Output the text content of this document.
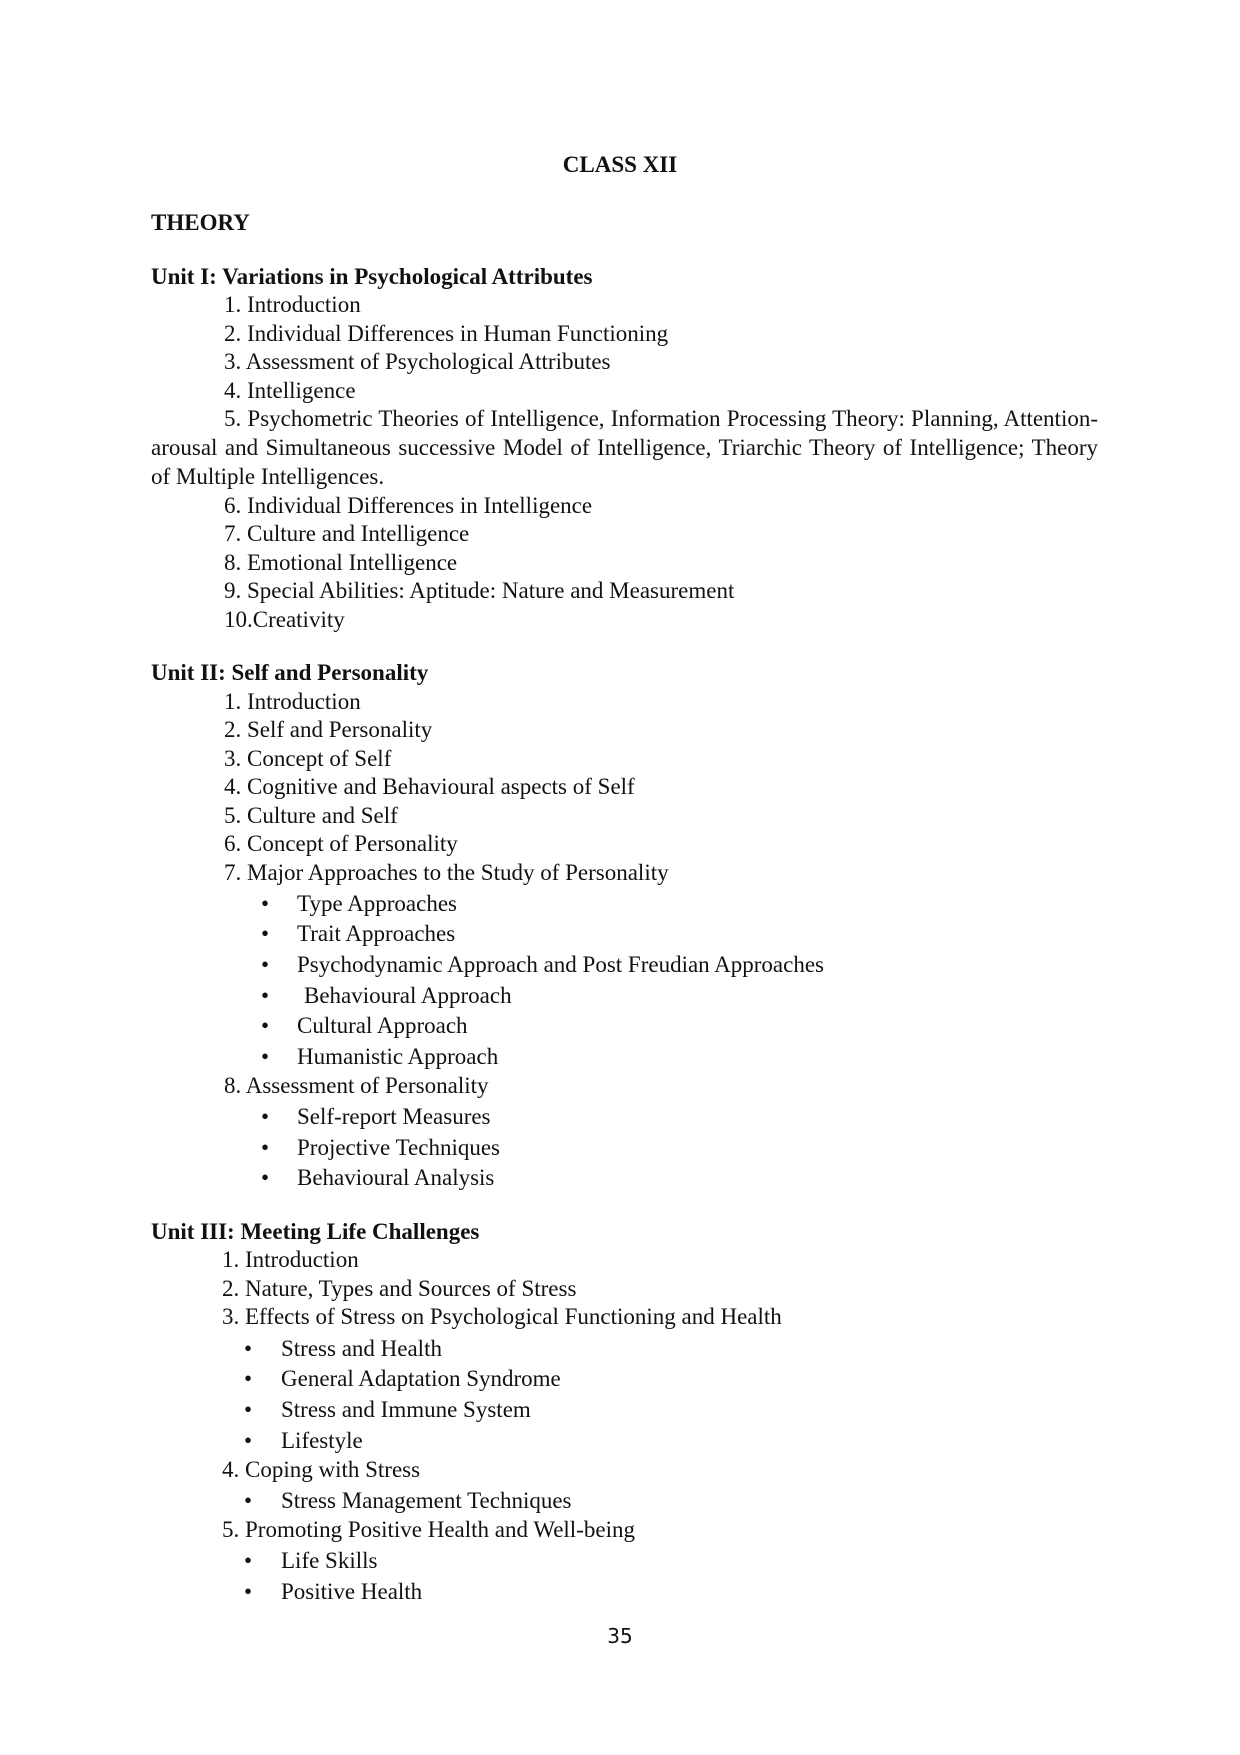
CLASS XII
THEORY
Unit I: Variations in Psychological Attributes
1. Introduction
2. Individual Differences in Human Functioning
3. Assessment of Psychological Attributes
4. Intelligence
5. Psychometric Theories of Intelligence, Information Processing Theory: Planning, Attention-arousal and Simultaneous successive Model of Intelligence, Triarchic Theory of Intelligence; Theory of Multiple Intelligences.
6. Individual Differences in Intelligence
7. Culture and Intelligence
8. Emotional Intelligence
9. Special Abilities: Aptitude: Nature and Measurement
10.Creativity
Unit II: Self and Personality
1. Introduction
2. Self and Personality
3. Concept of Self
4. Cognitive and Behavioural aspects of Self
5. Culture and Self
6. Concept of Personality
7. Major Approaches to the Study of Personality
• Type Approaches
• Trait Approaches
• Psychodynamic Approach and Post Freudian Approaches
• Behavioural Approach
• Cultural Approach
• Humanistic Approach
8. Assessment of Personality
• Self-report Measures
• Projective Techniques
• Behavioural Analysis
Unit III: Meeting Life Challenges
1. Introduction
2. Nature, Types and Sources of Stress
3. Effects of Stress on Psychological Functioning and Health
• Stress and Health
• General Adaptation Syndrome
• Stress and Immune System
• Lifestyle
4. Coping with Stress
• Stress Management Techniques
5. Promoting Positive Health and Well-being
• Life Skills
• Positive Health
35
